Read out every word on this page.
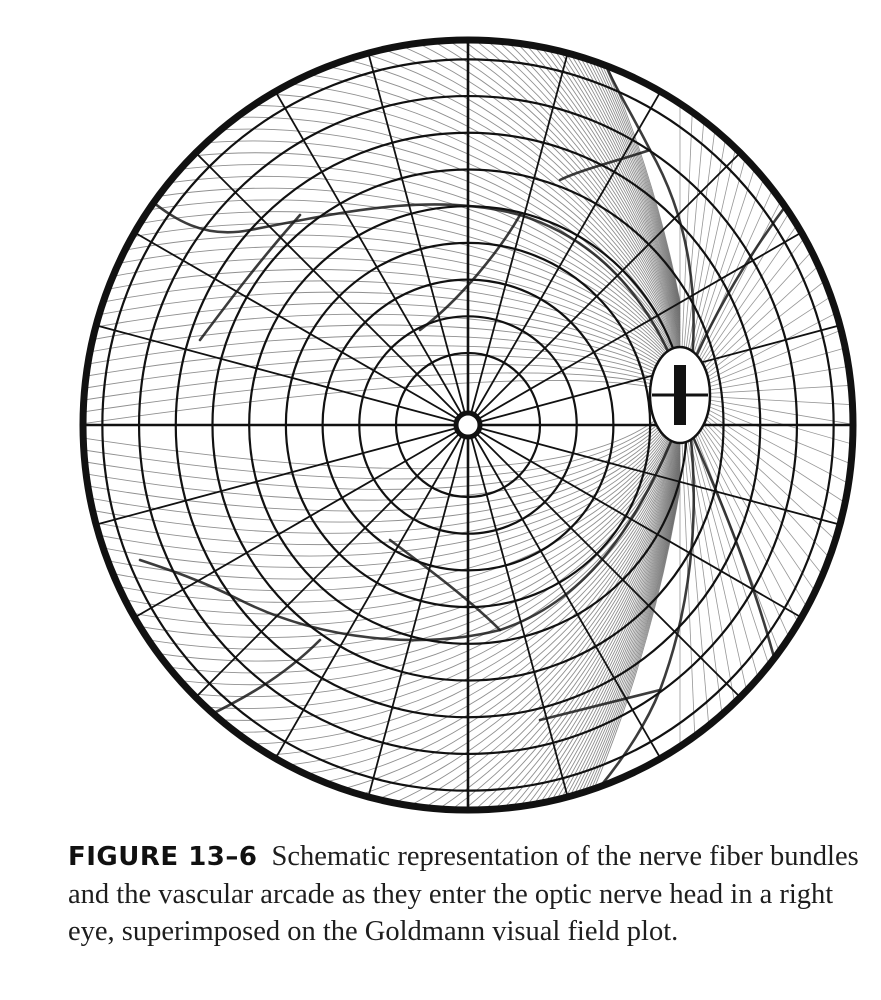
FIGURE 13–6 Schematic representation of the nerve fiber bundles and the vascular arcade as they enter the optic nerve head in a right eye, superimposed on the Goldmann visual field plot.
